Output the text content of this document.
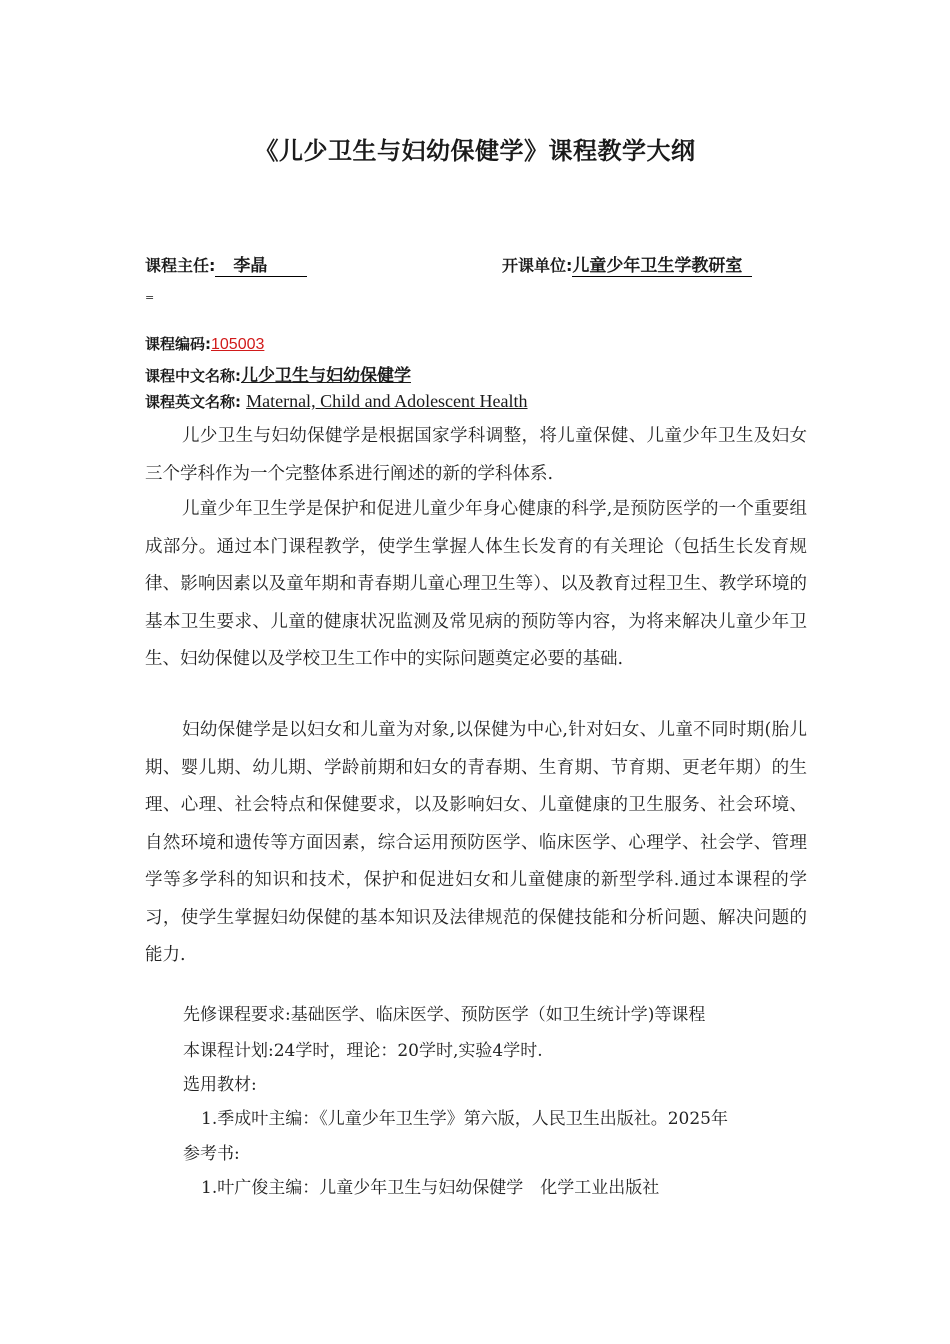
《儿少卫生与妇幼保健学》课程教学大纲
课程主任: 李晶	开课单位:儿童少年卫生学教研室
=
课程编码:105003
课程中文名称:儿少卫生与妇幼保健学
课程英文名称: Maternal, Child and Adolescent Health

儿少卫生与妇幼保健学是根据国家学科调整，将儿童保健、儿童少年卫生及妇女三个学科作为一个完整体系进行阐述的新的学科体系.

儿童少年卫生学是保护和促进儿童少年身心健康的科学,是预防医学的一个重要组成部分。通过本门课程教学，使学生掌握人体生长发育的有关理论（包括生长发育规律、影响因素以及童年期和青春期儿童心理卫生等）、以及教育过程卫生、教学环境的基本卫生要求、儿童的健康状况监测及常见病的预防等内容，为将来解决儿童少年卫生、妇幼保健以及学校卫生工作中的实际问题奠定必要的基础.

妇幼保健学是以妇女和儿童为对象,以保健为中心,针对妇女、儿童不同时期(胎儿期、婴儿期、幼儿期、学龄前期和妇女的青春期、生育期、节育期、更老年期）的生理、心理、社会特点和保健要求，以及影响妇女、儿童健康的卫生服务、社会环境、自然环境和遗传等方面因素，综合运用预防医学、临床医学、心理学、社会学、管理学等多学科的知识和技术，保护和促进妇女和儿童健康的新型学科.通过本课程的学习，使学生掌握妇幼保健的基本知识及法律规范的保健技能和分析问题、解决问题的能力.

先修课程要求:基础医学、临床医学、预防医学（如卫生统计学)等课程
本课程计划:24学时，理论：20学时,实验4学时.
选用教材:
1.季成叶主编：《儿童少年卫生学》第六版，人民卫生出版社。2025年
参考书:
1.叶广俊主编：儿童少年卫生与妇幼保健学　化学工业出版社
